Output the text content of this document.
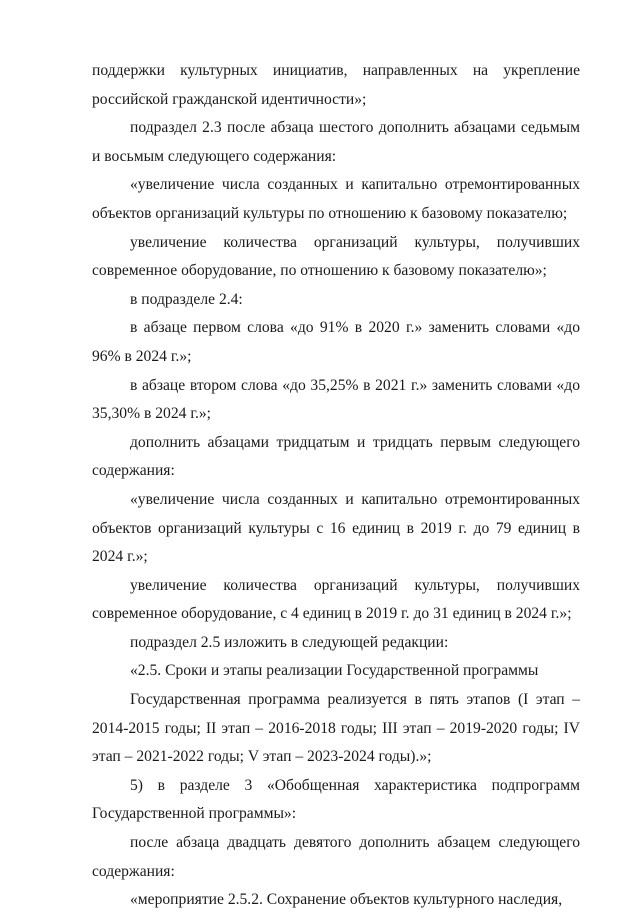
поддержки культурных инициатив, направленных на укрепление российской гражданской идентичности»;

подраздел 2.3 после абзаца шестого дополнить абзацами седьмым и восьмым следующего содержания:

«увеличение числа созданных и капитально отремонтированных объектов организаций культуры по отношению к базовому показателю;

увеличение количества организаций культуры, получивших современное оборудование, по отношению к базовому показателю»;

в подразделе 2.4:

в абзаце первом слова «до 91% в 2020 г.» заменить словами «до 96% в 2024 г.»;

в абзаце втором слова «до 35,25% в 2021 г.» заменить словами «до 35,30% в 2024 г.»;

дополнить абзацами тридцатым и тридцать первым следующего содержания:

«увеличение числа созданных и капитально отремонтированных объектов организаций культуры с 16 единиц в 2019 г. до 79 единиц в 2024 г.»;

увеличение количества организаций культуры, получивших современное оборудование, с 4 единиц в 2019 г. до 31 единиц в 2024 г.»;

подраздел 2.5 изложить в следующей редакции:

«2.5. Сроки и этапы реализации Государственной программы

Государственная программа реализуется в пять этапов (I этап – 2014-2015 годы; II этап – 2016-2018 годы; III этап – 2019-2020 годы; IV этап – 2021-2022 годы; V этап – 2023-2024 годы).»;

5) в разделе 3 «Обобщенная характеристика подпрограмм Государственной программы»:

после абзаца двадцать девятого дополнить абзацем следующего содержания:

«мероприятие 2.5.2. Сохранение объектов культурного наследия,
